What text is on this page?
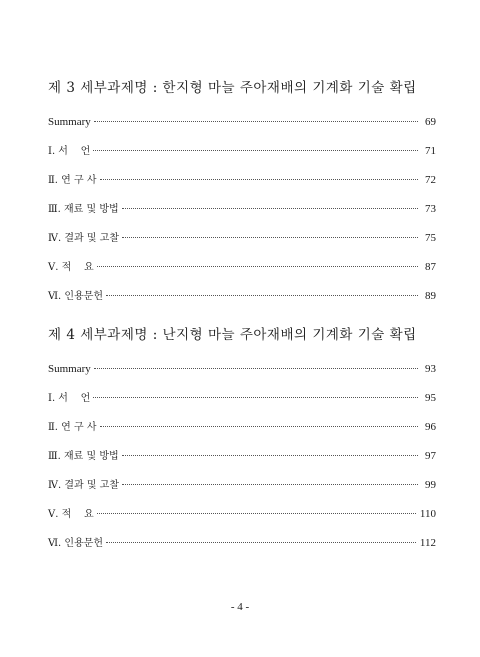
제 3 세부과제명 : 한지형 마늘 주아재배의 기계화 기술 확립
Summary	69
Ⅰ. 서    언	71
Ⅱ. 연 구 사	72
Ⅲ. 재료 및 방법	73
Ⅳ. 결과 및 고찰	75
Ⅴ. 적    요	87
Ⅵ. 인용문헌	89
제 4 세부과제명 : 난지형 마늘 주아재배의 기계화 기술 확립
Summary	93
Ⅰ. 서    언	95
Ⅱ. 연 구 사	96
Ⅲ. 재료 및 방법	97
Ⅳ. 결과 및 고찰	99
Ⅴ. 적    요	110
Ⅵ. 인용문헌	112
- 4 -
